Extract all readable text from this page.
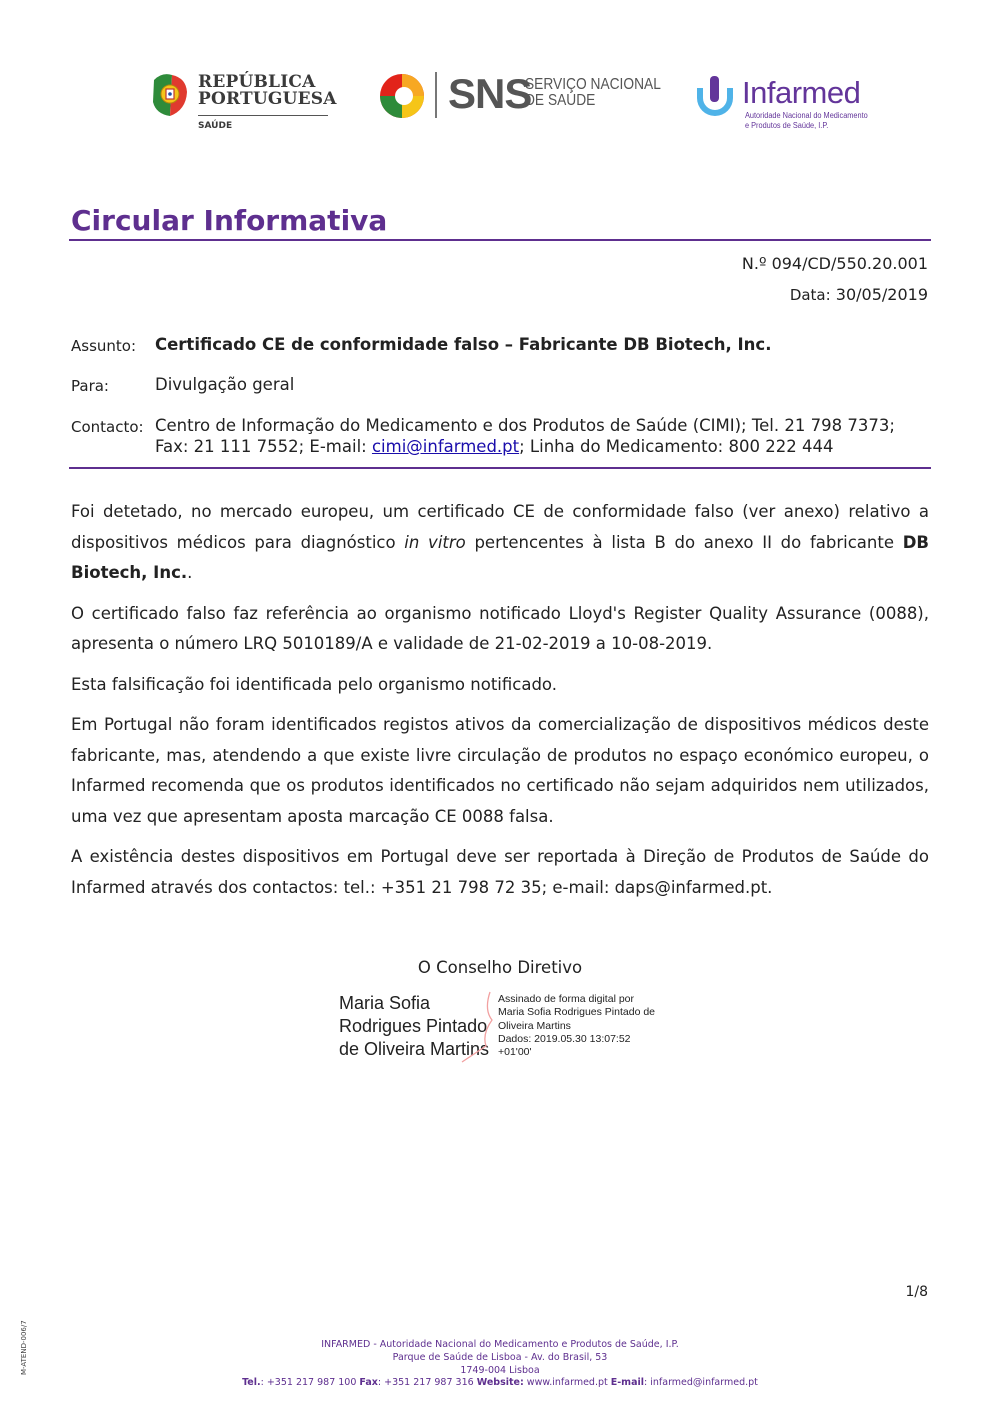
REPÚBLICA
PORTUGUESA
SAÚDE
SNS
SERVIÇO NACIONAL
DE SAÚDE	Infarmed
Autoridade Nacional do Medicamento
e Produtos de Saúde, I.P.
Circular Informativa
N.º 094/CD/550.20.001
Data: 30/05/2019
Assunto: Certificado CE de conformidade falso – Fabricante DB Biotech, Inc.
Para:	Divulgação geral
Contacto: Centro de Informação do Medicamento e dos Produtos de Saúde (CIMI); Tel. 21 798 7373;
Fax: 21 111 7552; E-mail: cimi@infarmed.pt; Linha do Medicamento: 800 222 444

Foi detetado, no mercado europeu, um certificado CE de conformidade falso (ver anexo) relativo a dispositivos médicos para diagnóstico in vitro pertencentes à lista B do anexo II do fabricante DB Biotech, Inc..

O certificado falso faz referência ao organismo notificado Lloyd's Register Quality Assurance (0088), apresenta o número LRQ 5010189/A e validade de 21-02-2019 a 10-08-2019.

Esta falsificação foi identificada pelo organismo notificado.

Em Portugal não foram identificados registos ativos da comercialização de dispositivos médicos deste fabricante, mas, atendendo a que existe livre circulação de produtos no espaço económico europeu, o Infarmed recomenda que os produtos identificados no certificado não sejam adquiridos nem utilizados, uma vez que apresentam aposta marcação CE 0088 falsa.

A existência destes dispositivos em Portugal deve ser reportada à Direção de Produtos de Saúde do Infarmed através dos contactos: tel.: +351 21 798 72 35; e-mail: daps@infarmed.pt.

O Conselho Diretivo
Maria Sofia
Rodrigues Pintado
de Oliveira Martins
Assinado de forma digital por
Maria Sofia Rodrigues Pintado de
Oliveira Martins
Dados: 2019.05.30 13:07:52
+01'00'
1/8
M-ATEND-006/7	INFARMED - Autoridade Nacional do Medicamento e Produtos de Saúde, I.P.
Parque de Saúde de Lisboa - Av. do Brasil, 53
1749-004 Lisboa
Tel.: +351 217 987 100 Fax: +351 217 987 316 Website: www.infarmed.pt E-mail: infarmed@infarmed.pt
